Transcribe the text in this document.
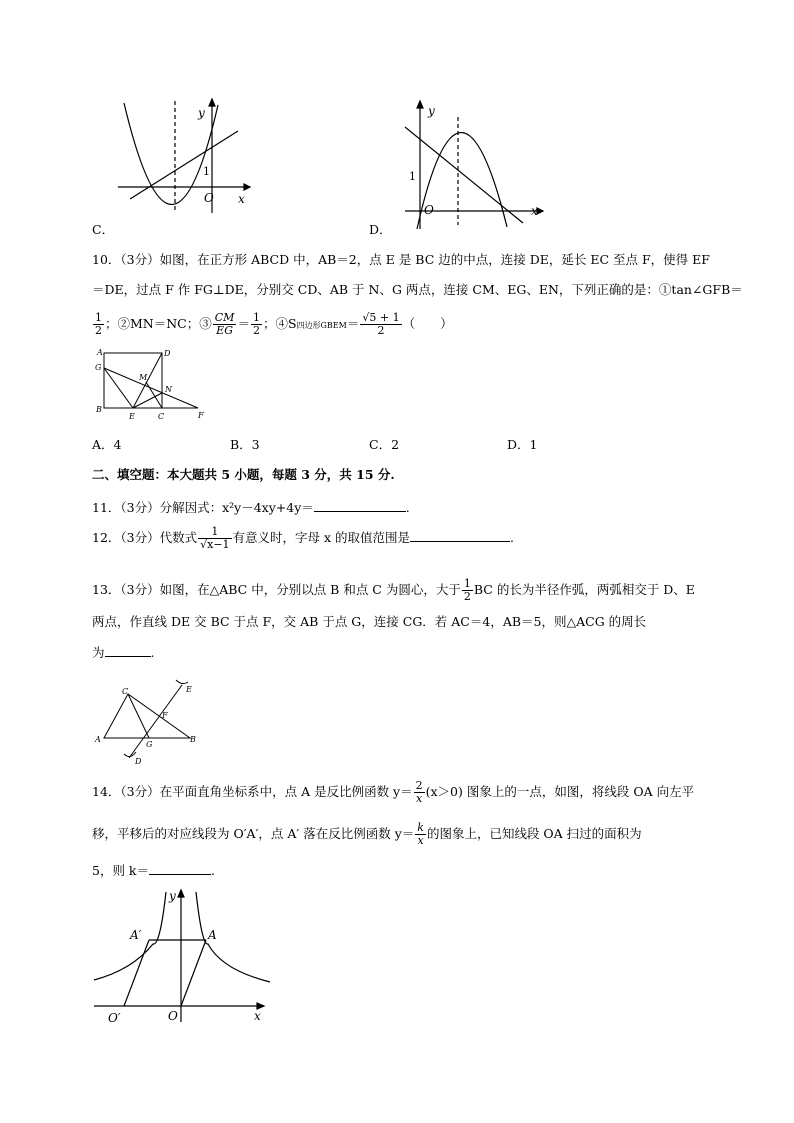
y
x
O
1
C．
y
x
O
1
D．
10．（3分）如图，在正方形 ABCD 中，AB＝2，点 E 是 BC 边的中点，连接 DE，延长 EC 至点 F，使得 EF
＝DE，过点 F 作 FG⊥DE，分别交 CD、AB 于 N、G 两点，连接 CM、EG、EN，下列正确的是：①tan∠GFB＝
$\frac{1}{2}$ ；②MN＝NC；③ $\frac{CM}{EG} = \frac{1}{2}$ ；④S四边形GBEM＝ $\frac{√5 + 1}{2}$ （　　）
A	D
G
M
N
B
E	C	F
A．4	B．3	C．2	D．1
二、填空题：本大题共 5 小题，每题 3 分，共 15 分.
11．（3分）分解因式：x²y－4xy+4y＝	.
12．（3分）代数式 $\frac{1}{√x-1}$ 有意义时，字母 x 的取值范围是	.
13．（3分）如图，在△ABC 中，分别以点 B 和点 C 为圆心，大于 $\frac{1}{2}$ BC 的长为半径作弧，两弧相交于 D、E
两点，作直线 DE 交 BC 于点 F，交 AB 于点 G，连接 CG．若 AC＝4，AB＝5，则△ACG 的周长
为	.
C	E
F
A
G
B
D
14．（3分）在平面直角坐标系中，点 A 是反比例函数 $y= \frac{2}{x} (x>0)$ 图象上的一点，如图，将线段 OA 向左平
移，平移后的对应线段为 O′A′，点 A′ 落在反比例函数 $y= \frac{k}{x}$ 的图象上，已知线段 OA 扫过的面积为
5，则 k＝	.
y
x
A′	A
O′	O
